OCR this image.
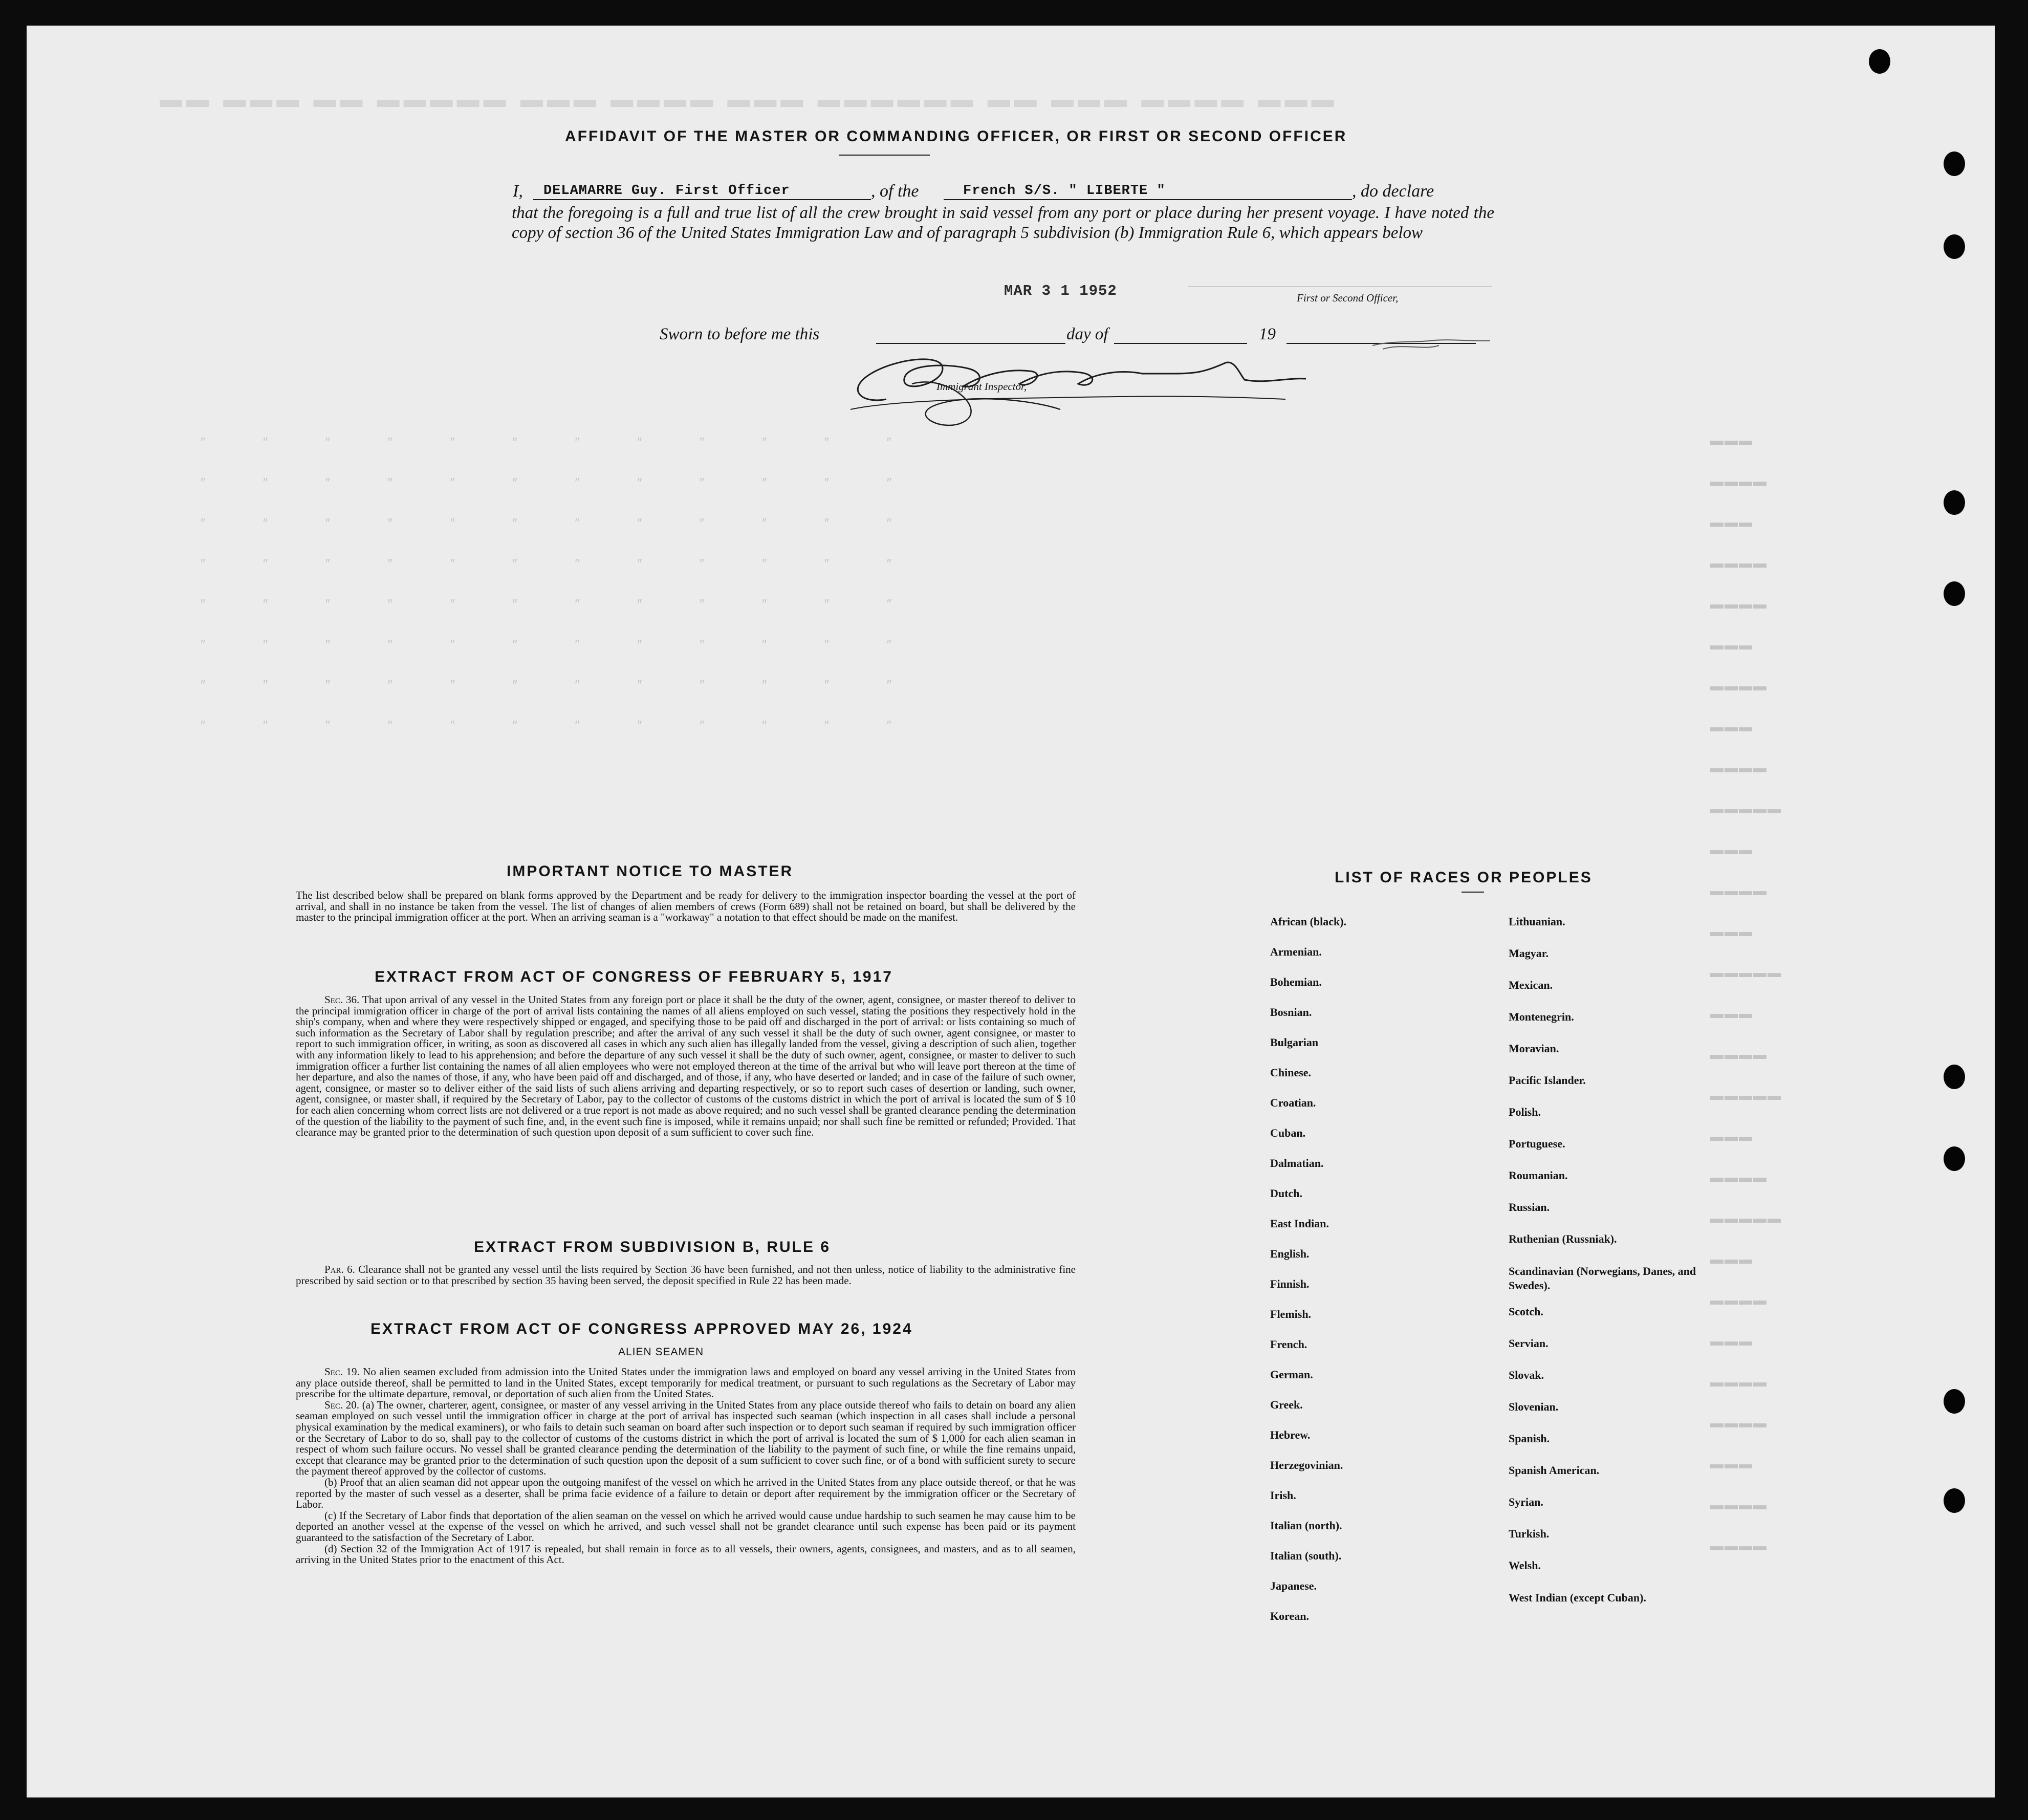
▬▬ ▬▬▬ ▬▬ ▬▬▬▬▬ ▬▬▬ ▬▬▬▬ ▬▬▬ ▬▬▬▬▬▬ ▬▬ ▬▬▬ ▬▬▬▬ ▬▬▬
″            ″            ″            ″            ″            ″            ″            ″            ″            ″            ″            ″
″            ″            ″            ″            ″            ″            ″            ″            ″            ″            ″            ″
″            ″            ″            ″            ″            ″            ″            ″            ″            ″            ″            ″
″            ″            ″            ″            ″            ″            ″            ″            ″            ″            ″            ″
″            ″            ″            ″            ″            ″            ″            ″            ″            ″            ″            ″
″            ″            ″            ″            ″            ″            ″            ″            ″            ″            ″            ″
″            ″            ″            ″            ″            ″            ″            ″            ″            ″            ″            ″
″            ″            ″            ″            ″            ″            ″            ″            ″            ″            ″            ″
▬▬▬
▬▬▬▬
▬▬▬
▬▬▬▬
▬▬▬▬
▬▬▬
▬▬▬▬
▬▬▬
▬▬▬▬
▬▬▬▬▬
▬▬▬
▬▬▬▬
▬▬▬
▬▬▬▬▬
▬▬▬
▬▬▬▬
▬▬▬▬▬
▬▬▬
▬▬▬▬
▬▬▬▬▬
▬▬▬
▬▬▬▬
▬▬▬
▬▬▬▬
▬▬▬▬
▬▬▬
▬▬▬▬
▬▬▬▬
AFFIDAVIT OF THE MASTER OR COMMANDING OFFICER, OR FIRST OR SECOND OFFICER
I, DELAMARRE Guy. First Officer	, of the	French S/S. " LIBERTE "	, do declare
that the foregoing is a full and true list of all the crew brought in said vessel from any port or place during her present voyage. I have noted the copy of section 36 of the United States Immigration Law and of paragraph 5 subdivision (b) Immigration Rule 6, which appears below
MAR 3 1 1952	First or Second Officer,
Sworn to before me this	day of	19
Immigrant Inspector,
IMPORTANT NOTICE TO MASTER
The list described below shall be prepared on blank forms approved by the Department and be ready for delivery to the immigration inspector boarding the vessel at the port of arrival, and shall in no instance be taken from the vessel. The list of changes of alien members of crews (Form 689) shall not be retained on board, but shall be delivered by the master to the principal immigration officer at the port. When an arriving seaman is a "workaway" a notation to that effect should be made on the manifest.
EXTRACT FROM ACT OF CONGRESS OF FEBRUARY 5, 1917
Sec. 36. That upon arrival of any vessel in the United States from any foreign port or place it shall be the duty of the owner, agent, consignee, or master thereof to deliver to the principal immigration officer in charge of the port of arrival lists containing the names of all aliens employed on such vessel, stating the positions they respectively hold in the ship's company, when and where they were respectively shipped or engaged, and specifying those to be paid off and discharged in the port of arrival: or lists containing so much of such information as the Secretary of Labor shall by regulation prescribe; and after the arrival of any such vessel it shall be the duty of such owner, agent consignee, or master to report to such immigration officer, in writing, as soon as discovered all cases in which any such alien has illegally landed from the vessel, giving a description of such alien, together with any information likely to lead to his apprehension; and before the departure of any such vessel it shall be the duty of such owner, agent, consignee, or master to deliver to such immigration officer a further list containing the names of all alien employees who were not employed thereon at the time of the arrival but who will leave port thereon at the time of her departure, and also the names of those, if any, who have been paid off and discharged, and of those, if any, who have deserted or landed; and in case of the failure of such owner, agent, consignee, or master so to deliver either of the said lists of such aliens arriving and departing respectively, or so to report such cases of desertion or landing, such owner, agent, consignee, or master shall, if required by the Secretary of Labor, pay to the collector of customs of the customs district in which the port of arrival is located the sum of $ 10 for each alien concerning whom correct lists are not delivered or a true report is not made as above required; and no such vessel shall be granted clearance pending the determination of the question of the liability to the payment of such fine, and, in the event such fine is imposed, while it remains unpaid; nor shall such fine be remitted or refunded; Provided. That clearance may be granted prior to the determination of such question upon deposit of a sum sufficient to cover such fine.
EXTRACT FROM SUBDIVISION B, RULE 6
Par. 6. Clearance shall not be granted any vessel until the lists required by Section 36 have been furnished, and not then unless, notice of liability to the administrative fine prescribed by said section or to that prescribed by section 35 having been served, the deposit specified in Rule 22 has been made.
EXTRACT FROM ACT OF CONGRESS APPROVED MAY 26, 1924
ALIEN SEAMEN
Sec. 19. No alien seamen excluded from admission into the United States under the immigration laws and employed on board any vessel arriving in the United States from any place outside thereof, shall be permitted to land in the United States, except temporarily for medical treatment, or pursuant to such regulations as the Secretary of Labor may prescribe for the ultimate departure, removal, or deportation of such alien from the United States.
Sec. 20. (a) The owner, charterer, agent, consignee, or master of any vessel arriving in the United States from any place outside thereof who fails to detain on board any alien seaman employed on such vessel until the immigration officer in charge at the port of arrival has inspected such seaman (which inspection in all cases shall include a personal physical examination by the medical examiners), or who fails to detain such seaman on board after such inspection or to deport such seaman if required by such immigration officer or the Secretary of Labor to do so, shall pay to the collector of customs of the customs district in which the port of arrival is located the sum of $ 1,000 for each alien seaman in respect of whom such failure occurs. No vessel shall be granted clearance pending the determination of the liability to the payment of such fine, or while the fine remains unpaid, except that clearance may be granted prior to the determination of such question upon the deposit of a sum sufficient to cover such fine, or of a bond with sufficient surety to secure the payment thereof approved by the collector of customs.
(b) Proof that an alien seaman did not appear upon the outgoing manifest of the vessel on which he arrived in the United States from any place outside thereof, or that he was reported by the master of such vessel as a deserter, shall be prima facie evidence of a failure to detain or deport after requirement by the immigration officer or the Secretary of Labor.
(c) If the Secretary of Labor finds that deportation of the alien seaman on the vessel on which he arrived would cause undue hardship to such seamen he may cause him to be deported an another vessel at the expense of the vessel on which he arrived, and such vessel shall not be grandet clearance until such expense has been paid or its payment guaranteed to the satisfaction of the Secretary of Labor.
(d) Section 32 of the Immigration Act of 1917 is repealed, but shall remain in force as to all vessels, their owners, agents, consignees, and masters, and as to all seamen, arriving in the United States prior to the enactment of this Act.
LIST OF RACES OR PEOPLES
African (black).
Armenian.
Bohemian.
Bosnian.
Bulgarian
Chinese.
Croatian.
Cuban.
Dalmatian.
Dutch.
East Indian.
English.
Finnish.
Flemish.
French.
German.
Greek.
Hebrew.
Herzegovinian.
Irish.
Italian (north).
Italian (south).
Japanese.
Korean.
Lithuanian.
Magyar.
Mexican.
Montenegrin.
Moravian.
Pacific Islander.
Polish.
Portuguese.
Roumanian.
Russian.
Ruthenian (Russniak).
Scandinavian (Norwegians, Danes, and Swedes).
Scotch.
Servian.
Slovak.
Slovenian.
Spanish.
Spanish American.
Syrian.
Turkish.
Welsh.
West Indian (except Cuban).
